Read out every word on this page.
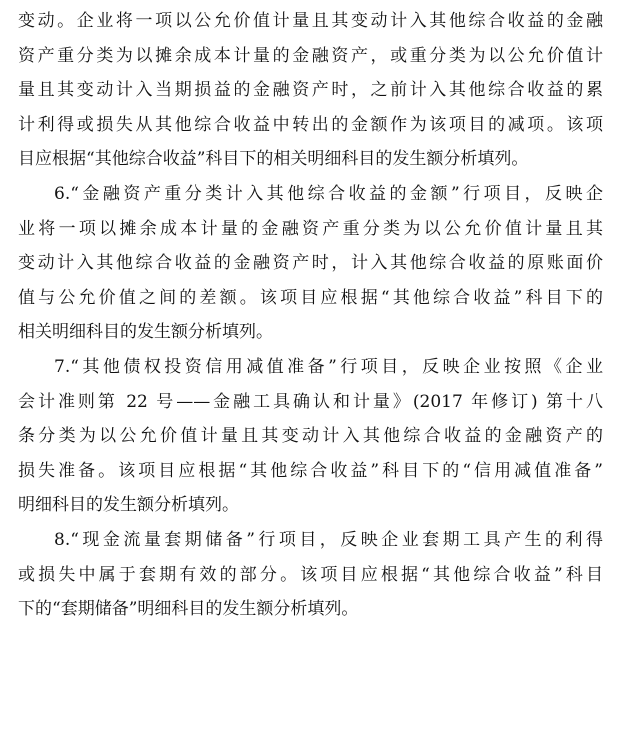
变动。企业将一项以公允价值计量且其变动计入其他综合收益的金融
资产重分类为以摊余成本计量的金融资产，或重分类为以公允价值计
量且其变动计入当期损益的金融资产时，之前计入其他综合收益的累
计利得或损失从其他综合收益中转出的金额作为该项目的减项。该项
目应根据“其他综合收益”科目下的相关明细科目的发生额分析填列。
6.“金融资产重分类计入其他综合收益的金额”行项目，反映企
业将一项以摊余成本计量的金融资产重分类为以公允价值计量且其
变动计入其他综合收益的金融资产时，计入其他综合收益的原账面价
值与公允价值之间的差额。该项目应根据“其他综合收益”科目下的
相关明细科目的发生额分析填列。
7.“其他债权投资信用减值准备”行项目，反映企业按照《企业
会计准则第 22 号——金融工具确认和计量》(2017 年修订) 第十八
条分类为以公允价值计量且其变动计入其他综合收益的金融资产的
损失准备。该项目应根据“其他综合收益”科目下的“信用减值准备”
明细科目的发生额分析填列。
8.“现金流量套期储备”行项目，反映企业套期工具产生的利得
或损失中属于套期有效的部分。该项目应根据“其他综合收益”科目
下的“套期储备”明细科目的发生额分析填列。
